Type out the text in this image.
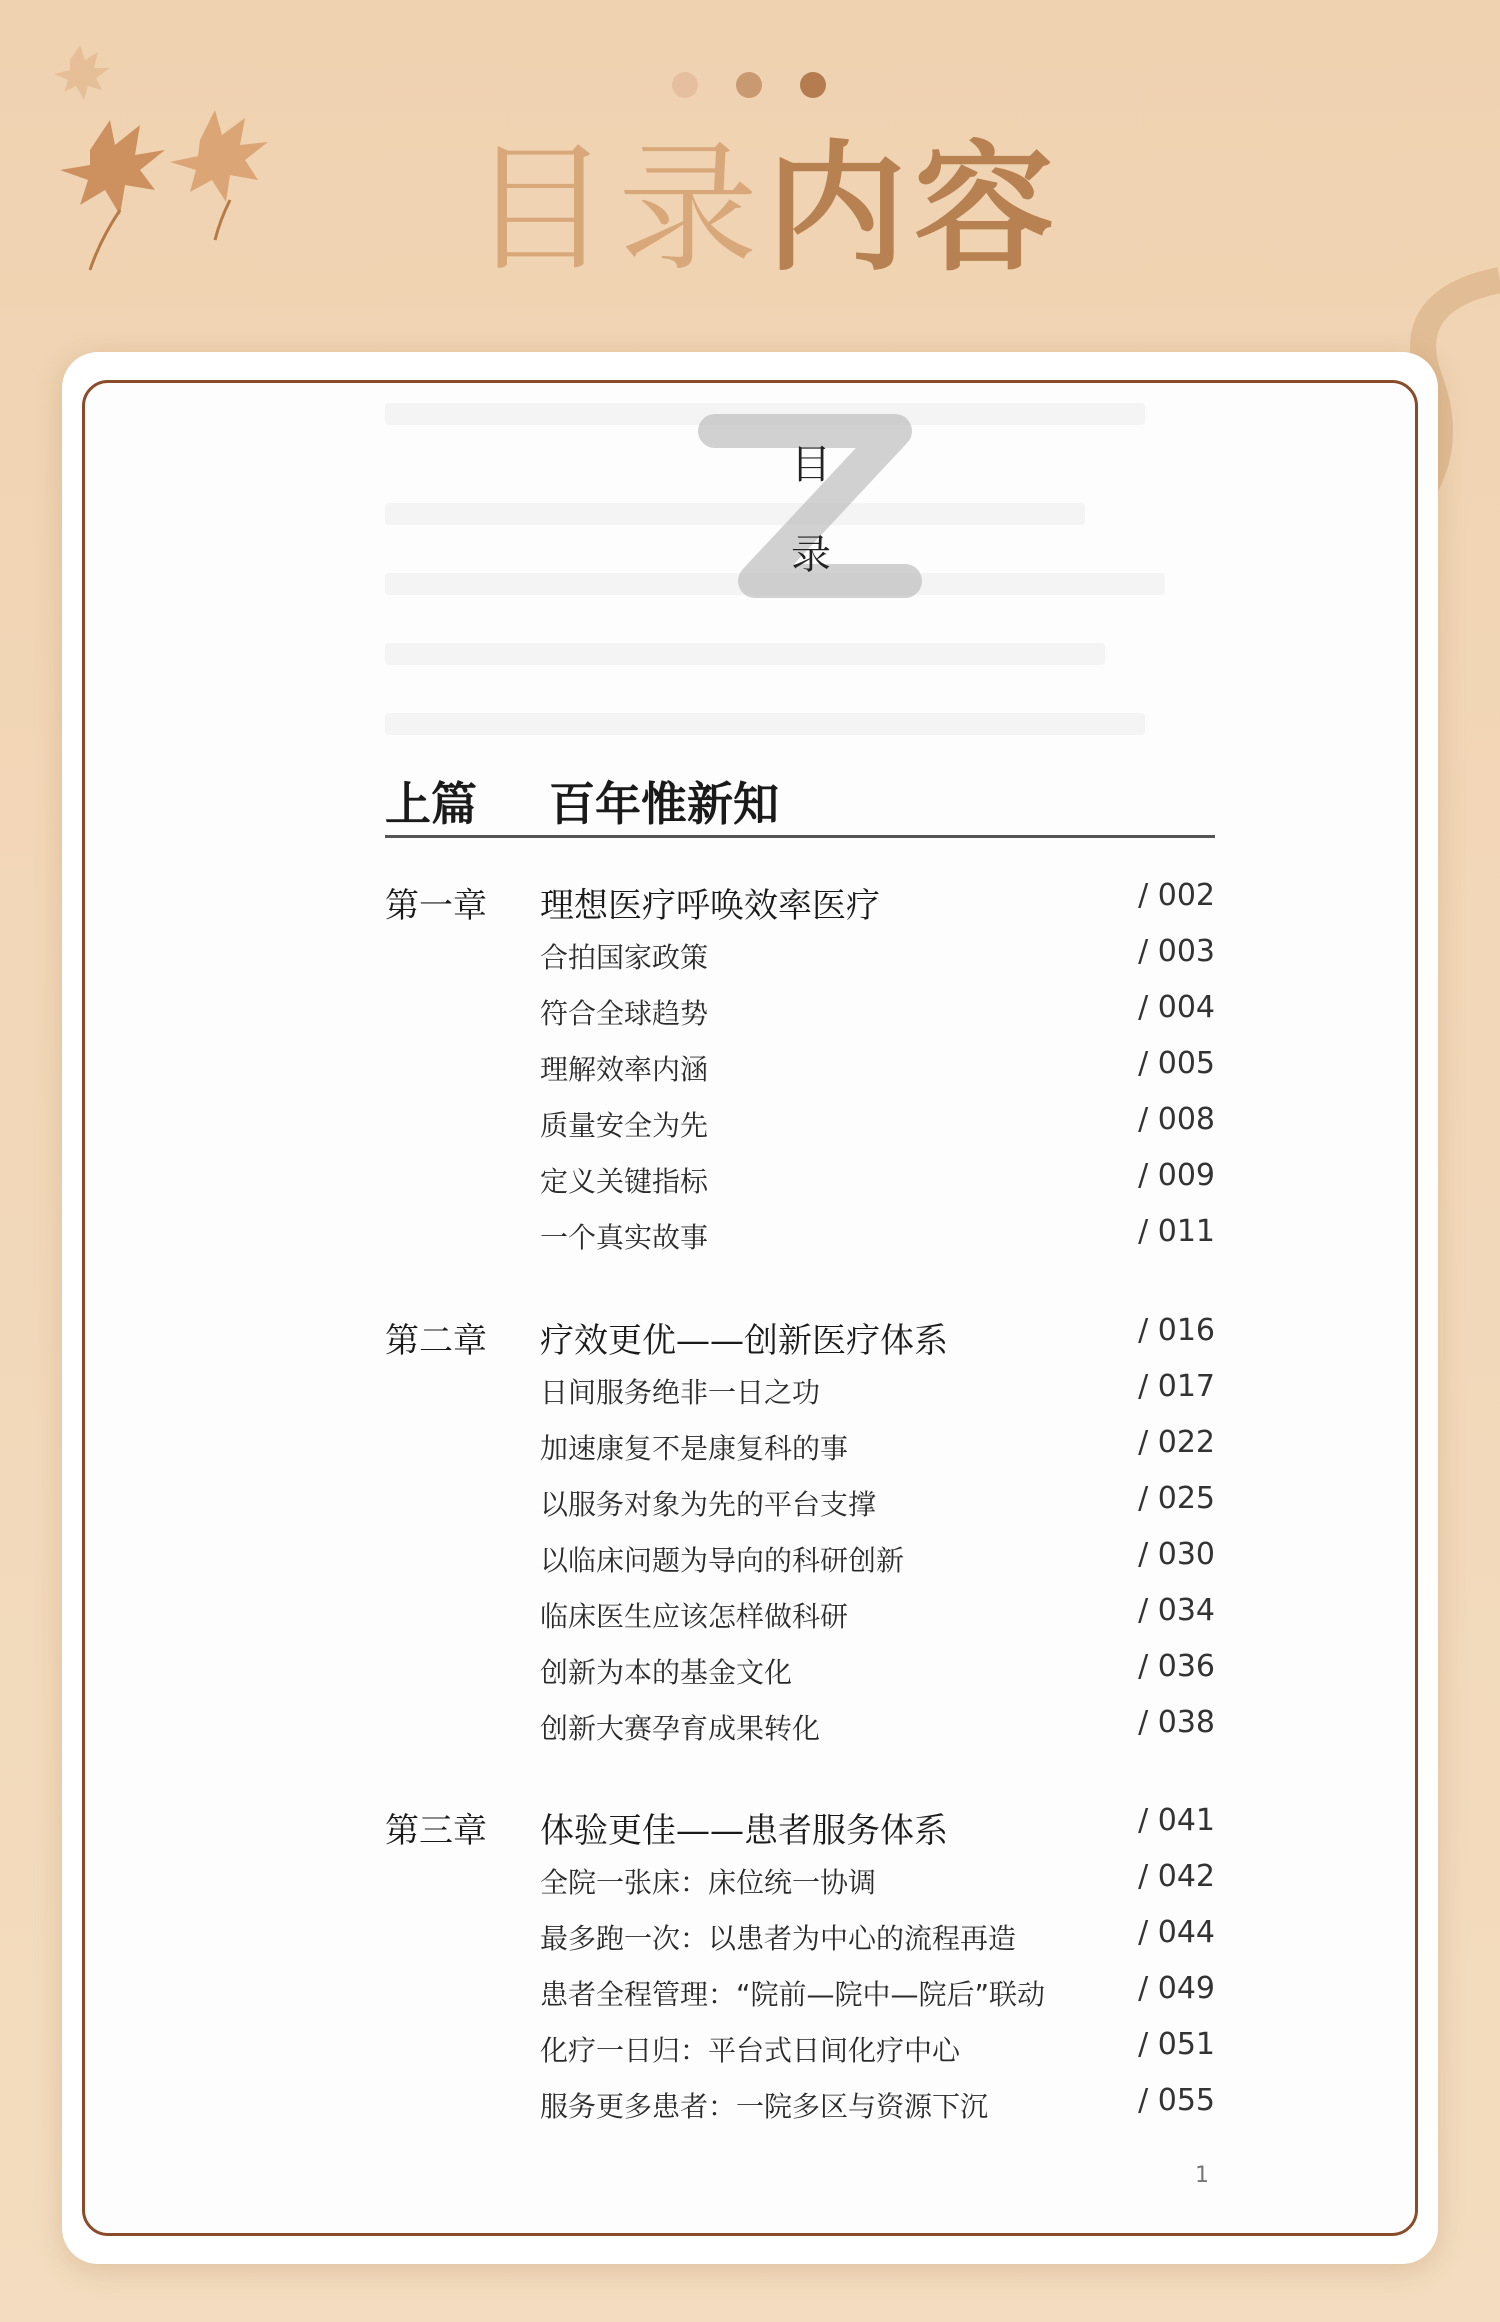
目录内容
目
录
上篇 百年惟新知
第一章 理想医疗呼唤效率医疗	/ 002
合拍国家政策	/ 003
符合全球趋势	/ 004
理解效率内涵	/ 005
质量安全为先	/ 008
定义关键指标	/ 009
一个真实故事	/ 011
第二章 疗效更优——创新医疗体系	/ 016
日间服务绝非一日之功	/ 017
加速康复不是康复科的事	/ 022
以服务对象为先的平台支撑	/ 025
以临床问题为导向的科研创新	/ 030
临床医生应该怎样做科研	/ 034
创新为本的基金文化	/ 036
创新大赛孕育成果转化	/ 038
第三章 体验更佳——患者服务体系	/ 041
全院一张床：床位统一协调	/ 042
最多跑一次：以患者为中心的流程再造	/ 044
患者全程管理：“院前—院中—院后”联动	/ 049
化疗一日归：平台式日间化疗中心	/ 051
服务更多患者：一院多区与资源下沉	/ 055
1
